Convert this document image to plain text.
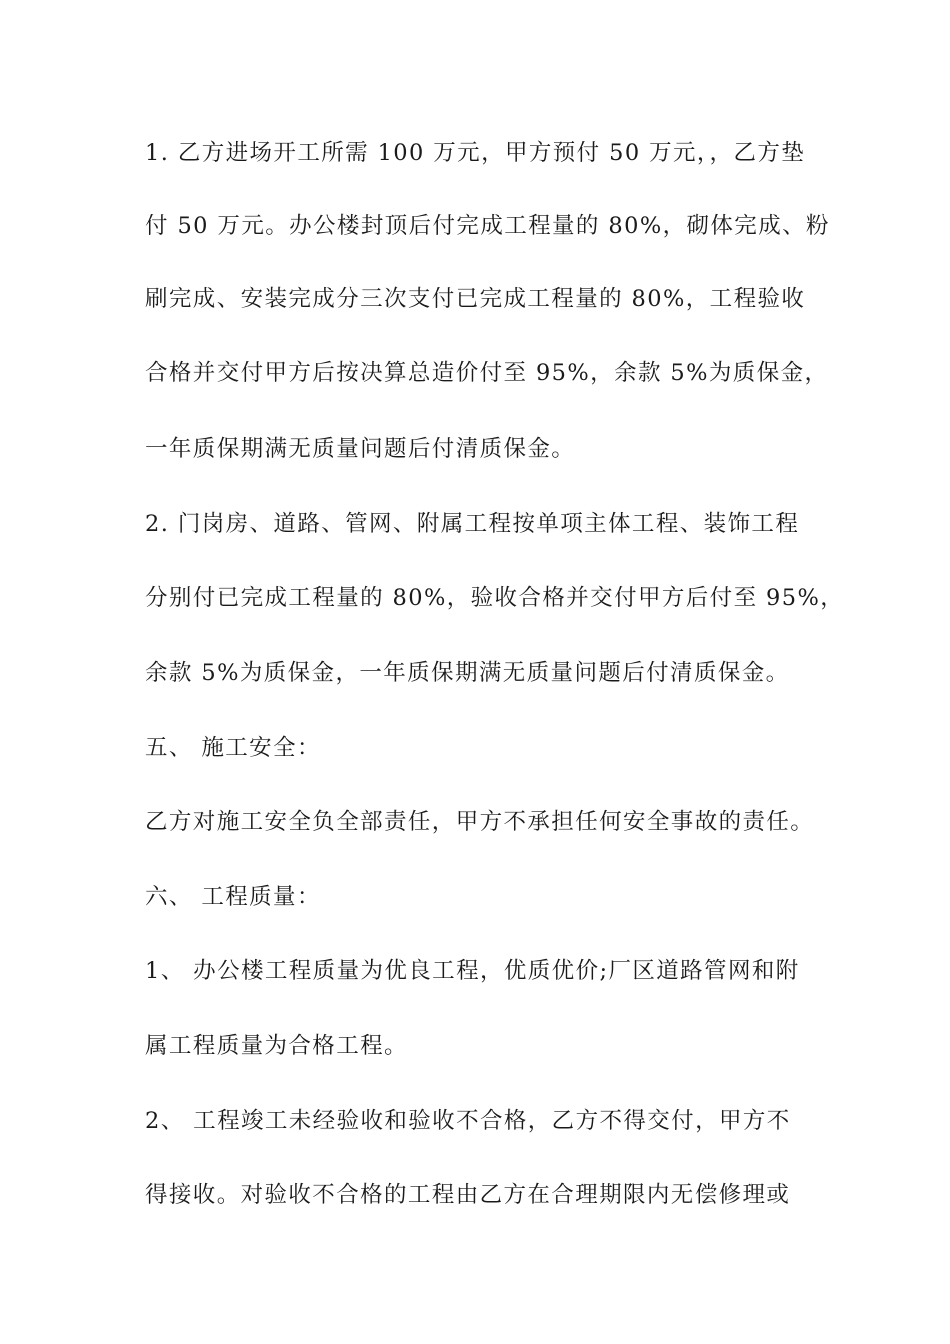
1. 乙方进场开工所需 100 万元，甲方预付 50 万元，，乙方垫
付 50 万元。办公楼封顶后付完成工程量的 80%，砌体完成、粉
刷完成、安装完成分三次支付已完成工程量的 80%，工程验收
合格并交付甲方后按决算总造价付至 95%，余款 5%为质保金，
一年质保期满无质量问题后付清质保金。
2. 门岗房、道路、管网、附属工程按单项主体工程、装饰工程
分别付已完成工程量的 80%，验收合格并交付甲方后付至 95%，
余款 5%为质保金，一年质保期满无质量问题后付清质保金。
五、 施工安全：
乙方对施工安全负全部责任，甲方不承担任何安全事故的责任。
六、 工程质量：
1、 办公楼工程质量为优良工程，优质优价;厂区道路管网和附
属工程质量为合格工程。
2、 工程竣工未经验收和验收不合格，乙方不得交付，甲方不
得接收。对验收不合格的工程由乙方在合理期限内无偿修理或
